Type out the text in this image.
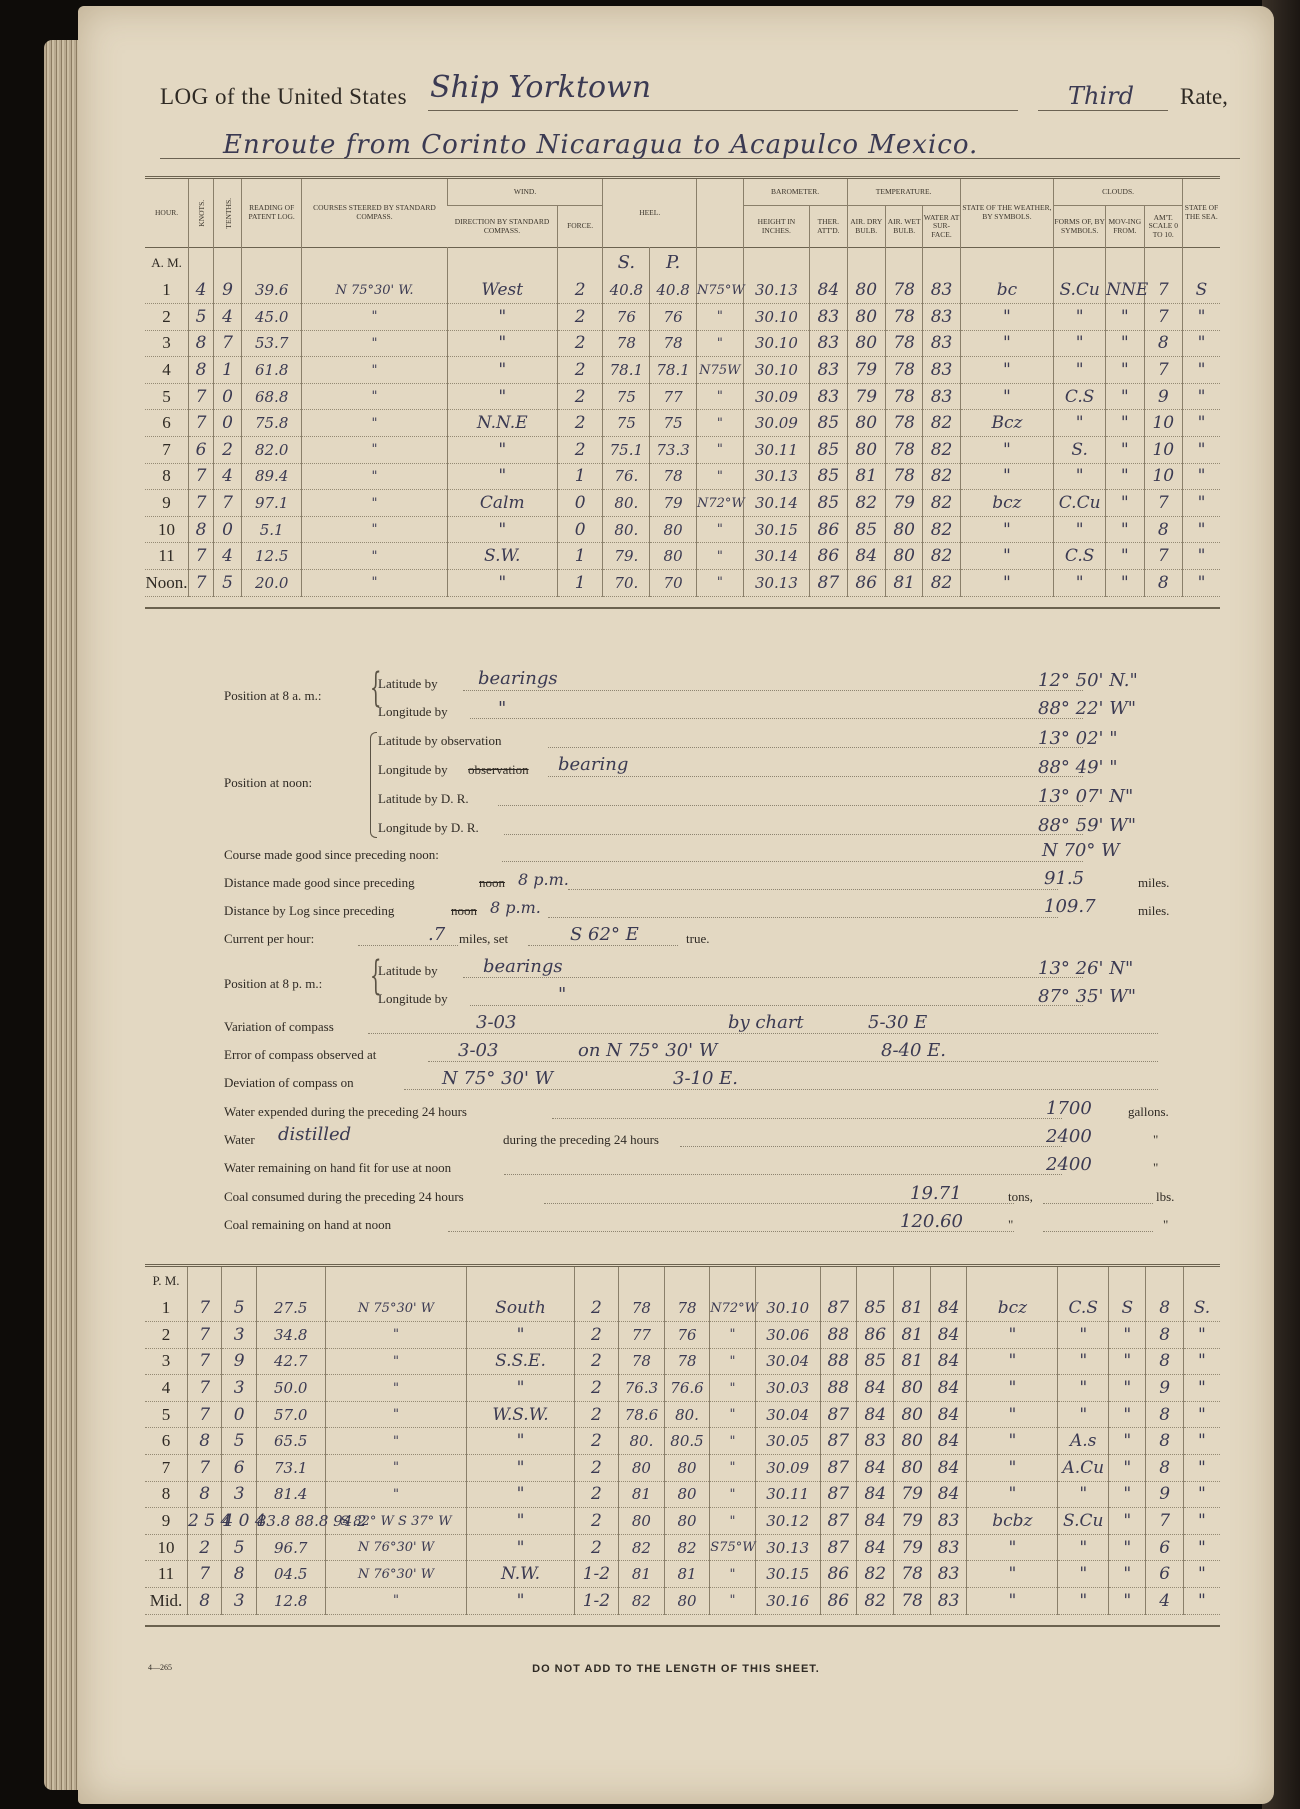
LOG of the United States Ship Yorktown	Third Rate,
Enroute from Corinto Nicaragua to Acapulco Mexico.
HOUR.	KNOTS.	TENTHS.	READING OF PATENT LOG.	COURSES STEERED BY STANDARD COMPASS.	WIND.		HEEL.			BAROMETER.		TEMPERATURE.			STATE OF THE WEATHER, BY SYMBOLS.	CLOUDS.			STATE OF THE SEA.
					DIRECTION BY STANDARD COMPASS.	FORCE.				HEIGHT IN INCHES.	THER. ATT'D.	AIR. DRY BULB.	AIR. WET BULB.	WATER AT SUR-FACE.		FORMS OF, BY SYMBOLS.	MOV-ING FROM.	AM'T. SCALE 0 TO 10.	
A. M.							S.	P.											
1	4	9	39.6	N 75°30' W.	West	2	40.8	40.8	N75°W	30.13	84	80	78	83	bc	S.Cu	NNE	7	S
2	5	4	45.0	"	"	2	76	76	"	30.10	83	80	78	83	"	"	"	7	"
3	8	7	53.7	"	"	2	78	78	"	30.10	83	80	78	83	"	"	"	8	"
4	8	1	61.8	"	"	2	78.1	78.1	N75W	30.10	83	79	78	83	"	"	"	7	"
5	7	0	68.8	"	"	2	75	77	"	30.09	83	79	78	83	"	C.S	"	9	"
6	7	0	75.8	"	N.N.E	2	75	75	"	30.09	85	80	78	82	Bcz	"	"	10	"
7	6	2	82.0	"	"	2	75.1	73.3	"	30.11	85	80	78	82	"	S.	"	10	"
8	7	4	89.4	"	"	1	76.	78	"	30.13	85	81	78	82	"	"	"	10	"
9	7	7	97.1	"	Calm	0	80.	79	N72°W	30.14	85	82	79	82	bcz	C.Cu	"	7	"
10	8	0	5.1	"	"	0	80.	80	"	30.15	86	85	80	82	"	"	"	8	"
11	7	4	12.5	"	S.W.	1	79.	80	"	30.14	86	84	80	82	"	C.S	"	7	"
Noon.	7	5	20.0	"	"	1	70.	70	"	30.13	87	86	81	82	"	"	"	8	"
Position at 8 a. m.: {
Latitude by bearings	12° 50' N."
Longitude by	"	88° 22' W"
Position at noon:
Latitude by observation	13° 02' "
Longitude by observation bearing	88° 49' "
Latitude by D. R.	13° 07' N"
Longitude by D. R.	88° 59' W"
Course made good since preceding noon:	N 70° W
Distance made good since preceding	noon 8 p.m.	91.5	miles.
Distance by Log since preceding	noon 8 p.m.	109.7	miles.
Current per hour:	.7 miles, set	S 62° E	true.
Position at 8 p. m.: {
Latitude by	bearings	13° 26' N"
Longitude by	"	87° 35' W"
Variation of compass	3-03	by chart	5-30 E
Error of compass observed at	3-03	on N 75° 30' W	8-40 E.
Deviation of compass on	N 75° 30' W	3-10 E.
Water expended during the preceding 24 hours	1700	gallons.
Water distilled	during the preceding 24 hours	2400	"
Water remaining on hand fit for use at noon	2400	"
Coal consumed during the preceding 24 hours	19.71	tons,	lbs.
Coal remaining on hand at noon	120.60	"	"
P. M.																			
1	7	5	27.5	N 75°30' W	South	2	78	78	N72°W	30.10	87	85	81	84	bcz	C.S	S	8	S.
2	7	3	34.8	"	"	2	77	76	"	30.06	88	86	81	84	"	"	"	8	"
3	7	9	42.7	"	S.S.E.	2	78	78	"	30.04	88	85	81	84	"	"	"	8	"
4	7	3	50.0	"	"	2	76.3	76.6	"	30.03	88	84	80	84	"	"	"	9	"
5	7	0	57.0	"	W.S.W.	2	78.6	80.	"	30.04	87	84	80	84	"	"	"	8	"
6	8	5	65.5	"	"	2	80.	80.5	"	30.05	87	83	80	84	"	A.s	"	8	"
7	7	6	73.1	"	"	2	80	80	"	30.09	87	84	80	84	"	A.Cu	"	8	"
8	8	3	81.4	"	"	2	81	80	"	30.11	87	84	79	84	"	"	"	9	"
9	2 5 4	4 0 4	83.8 88.8 94.2	S 82° W S 37° W	"	2	80	80	"	30.12	87	84	79	83	bcbz	S.Cu	"	7	"
10	2	5	96.7	N 76°30' W	"	2	82	82	S75°W	30.13	87	84	79	83	"	"	"	6	"
11	7	8	04.5	N 76°30' W	N.W.	1-2	81	81	"	30.15	86	82	78	83	"	"	"	6	"
Mid.	8	3	12.8	"	"	1-2	82	80	"	30.16	86	82	78	83	"	"	"	4	"
4—265	DO NOT ADD TO THE LENGTH OF THIS SHEET.
